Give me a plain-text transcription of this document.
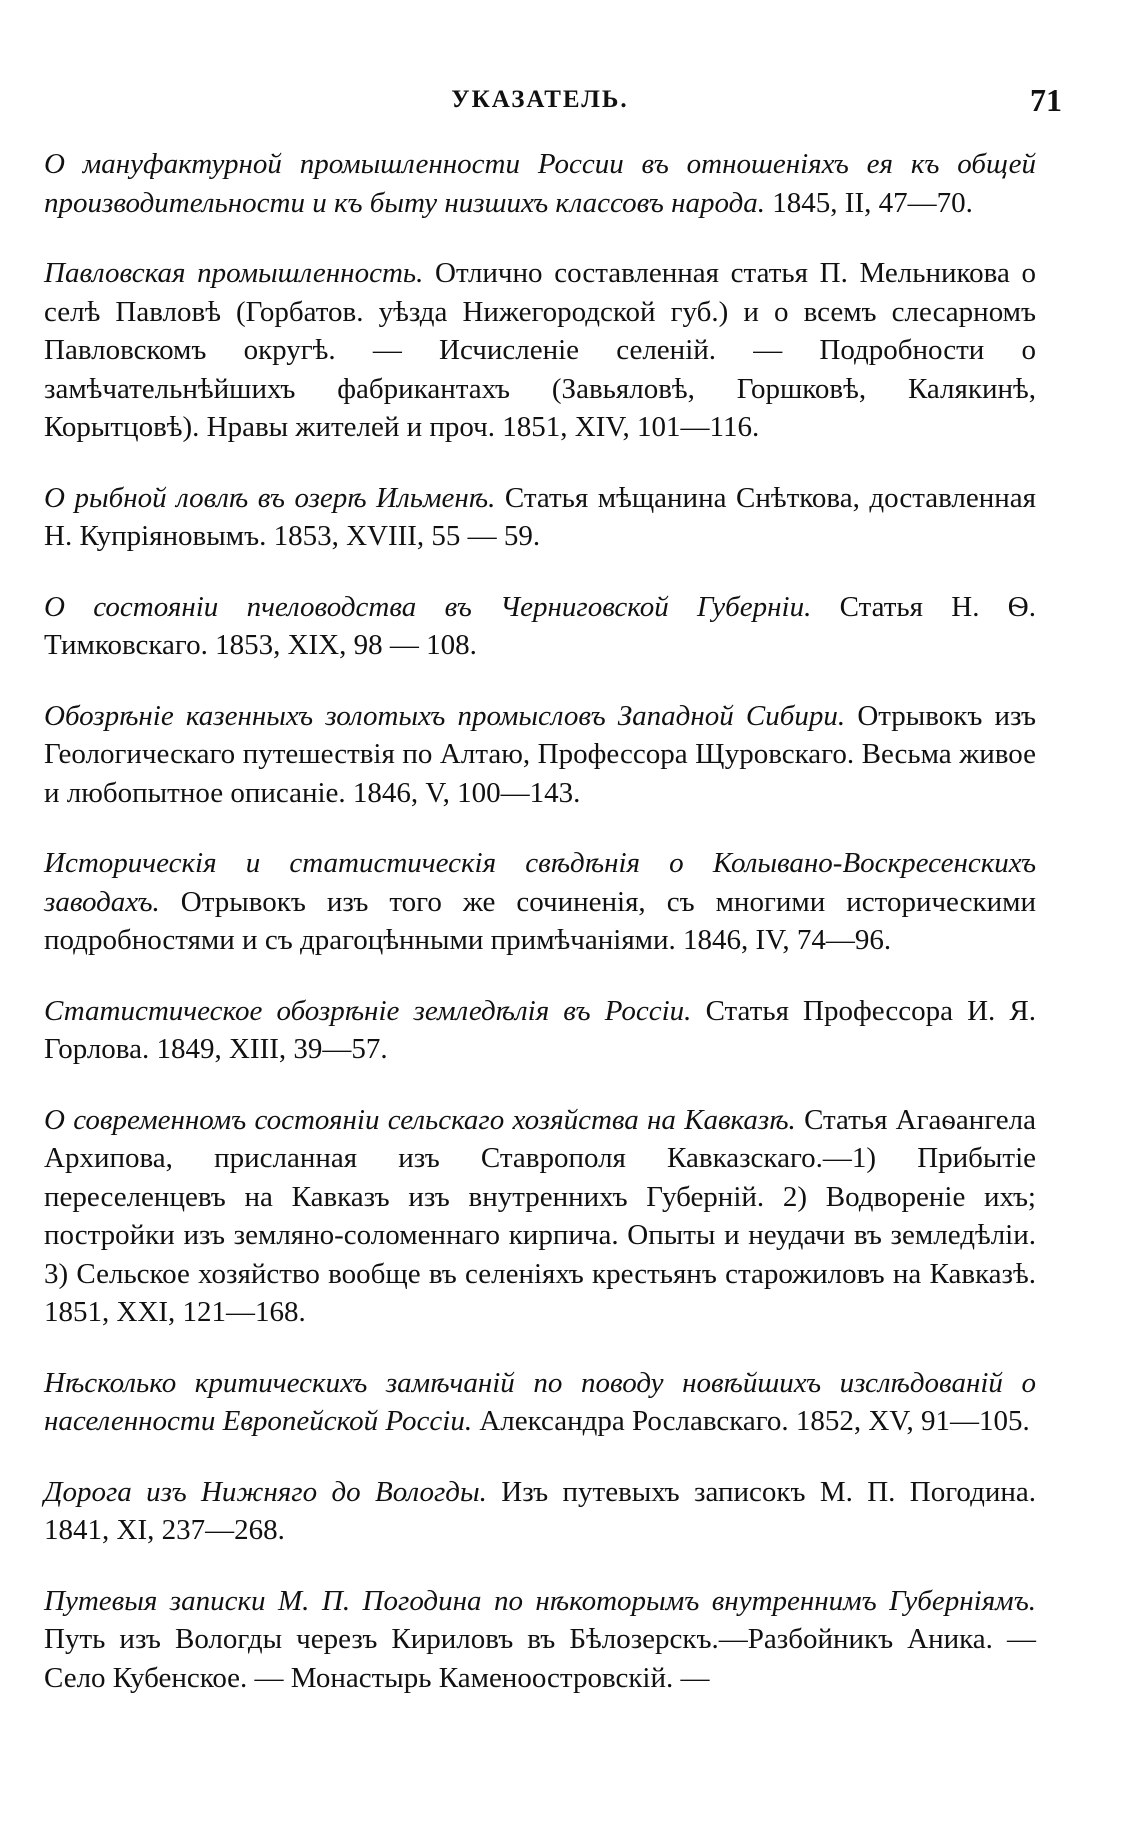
УКАЗАТЕЛЬ.	71

О мануфактурной промышленности России въ отношеніяхъ ея къ общей производительности и къ быту низшихъ классовъ народа. 1845, II, 47—70.

Павловская промышленность. Отлично составленная статья П. Мельникова о селѣ Павловѣ (Горбатов. уѣзда Нижегородской губ.) и о всемъ слесарномъ Павловскомъ округѣ. — Исчисленіе селеній. — Подробности о замѣчательнѣйшихъ фабрикантахъ (Завьяловѣ, Горшковѣ, Калякинѣ, Корытцовѣ). Нравы жителей и проч. 1851, XIV, 101—116.

О рыбной ловлѣ въ озерѣ Ильменѣ. Статья мѣщанина Снѣткова, доставленная Н. Купріяновымъ. 1853, XVIII, 55 — 59.

О состояніи пчеловодства въ Черниговской Губерніи. Статья Н. Ѳ. Тимковскаго. 1853, XIX, 98 — 108.

Обозрѣніе казенныхъ золотыхъ промысловъ Западной Сибири. Отрывокъ изъ Геологическаго путешествія по Алтаю, Профессора Щуровскаго. Весьма живое и любопытное описаніе. 1846, V, 100—143.

Историческія и статистическія свѣдѣнія о Колывано-Воскресенскихъ заводахъ. Отрывокъ изъ того же сочиненія, съ многими историческими подробностями и съ драгоцѣнными примѣчаніями. 1846, IV, 74—96.

Статистическое обозрѣніе земледѣлія въ Россіи. Статья Профессора И. Я. Горлова. 1849, XIII, 39—57.

О современномъ состояніи сельскаго хозяйства на Кавказѣ. Статья Агаѳангела Архипова, присланная изъ Ставрополя Кавказскаго.—1) Прибытіе переселенцевъ на Кавказъ изъ внутреннихъ Губерній. 2) Водвореніе ихъ; постройки изъ землянo-соломеннаго кирпича. Опыты и неудачи въ земледѣліи. 3) Сельское хозяйство вообще въ селеніяхъ крестьянъ старожиловъ на Кавказѣ. 1851, XXI, 121—168.

Нѣсколько критическихъ замѣчаній по поводу новѣйшихъ изслѣдованій о населенности Европейской Россіи. Александра Рославскаго. 1852, XV, 91—105.

Дорога изъ Нижняго до Вологды. Изъ путевыхъ записокъ М. П. Погодина. 1841, XI, 237—268.

Путевыя записки М. П. Погодина по нѣкоторымъ внутреннимъ Губерніямъ. Путь изъ Вологды черезъ Кириловъ въ Бѣлозерскъ.—Разбойникъ Аника. — Село Кубенское. — Монастырь Каменоостровскій. —
